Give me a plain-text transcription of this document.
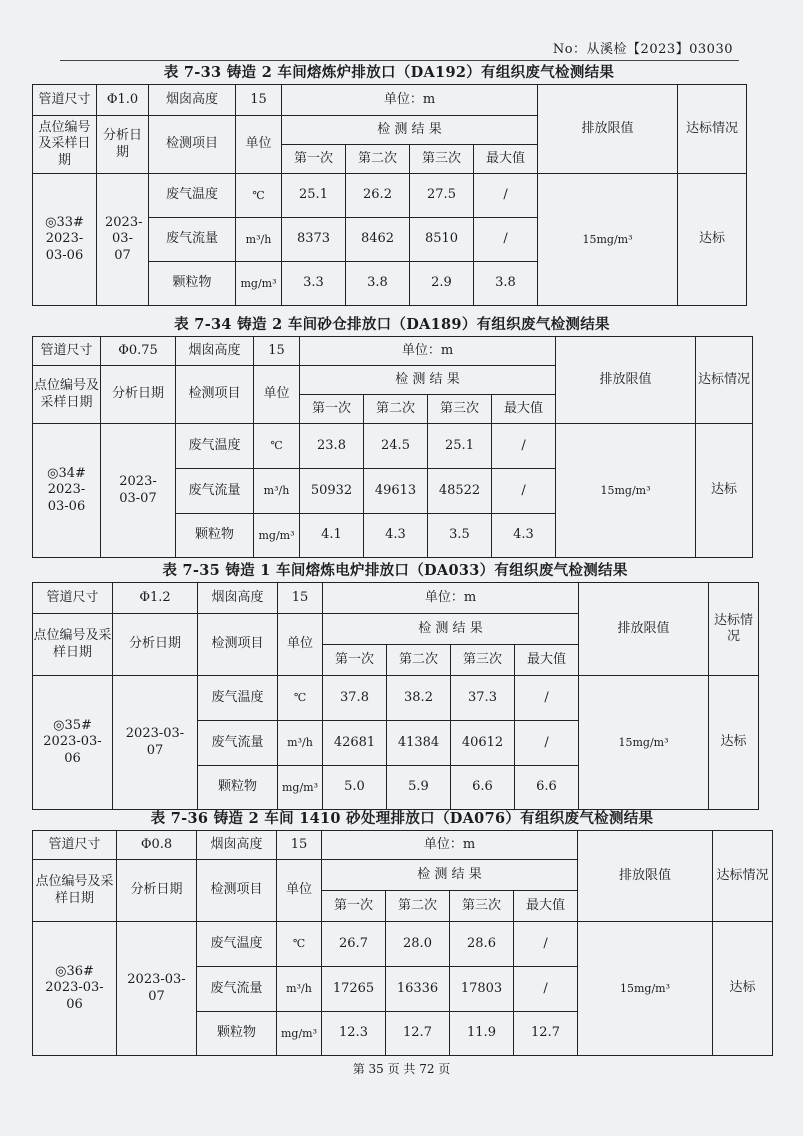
No：从溪检【2023】03030
表 7-33 铸造 2 车间熔炼炉排放口（DA192）有组织废气检测结果
管道尺寸	Φ1.0	烟囱高度	15	单位：m				排放限值	达标情况
点位编号及采样日期	分析日期	检测项目	单位	检 测 结 果					
				第一次	第二次	第三次	最大值		

◎33#
2023-03-06	2023-03-07	废气温度	℃	25.1	26.2	27.5	/	15mg/m³	达标
		废气流量	m³/h	8373	8462	8510	/		
		颗粒物	mg/m³	3.3	3.8	2.9	3.8		
表 7-34 铸造 2 车间砂仓排放口（DA189）有组织废气检测结果
管道尺寸	Φ0.75	烟囱高度	15	单位：m				排放限值	达标情况
点位编号及采样日期	分析日期	检测项目	单位	检 测 结 果					
				第一次	第二次	第三次	最大值		

◎34#
2023-03-06	2023-03-07	废气温度	℃	23.8	24.5	25.1	/	15mg/m³	达标
		废气流量	m³/h	50932	49613	48522	/		
		颗粒物	mg/m³	4.1	4.3	3.5	4.3		
表 7-35 铸造 1 车间熔炼电炉排放口（DA033）有组织废气检测结果
管道尺寸	Φ1.2	烟囱高度	15	单位：m				排放限值	达标情况
点位编号及采样日期	分析日期	检测项目	单位	检 测 结 果					
				第一次	第二次	第三次	最大值		

◎35#
2023-03-06	2023-03-07	废气温度	℃	37.8	38.2	37.3	/	15mg/m³	达标
		废气流量	m³/h	42681	41384	40612	/		
		颗粒物	mg/m³	5.0	5.9	6.6	6.6		
表 7-36 铸造 2 车间 1410 砂处理排放口（DA076）有组织废气检测结果
管道尺寸	Φ0.8	烟囱高度	15	单位：m				排放限值	达标情况
点位编号及采样日期	分析日期	检测项目	单位	检 测 结 果					
				第一次	第二次	第三次	最大值		

◎36#
2023-03-06	2023-03-07	废气温度	℃	26.7	28.0	28.6	/	15mg/m³	达标
		废气流量	m³/h	17265	16336	17803	/		
		颗粒物	mg/m³	12.3	12.7	11.9	12.7		
第 35 页 共 72 页
